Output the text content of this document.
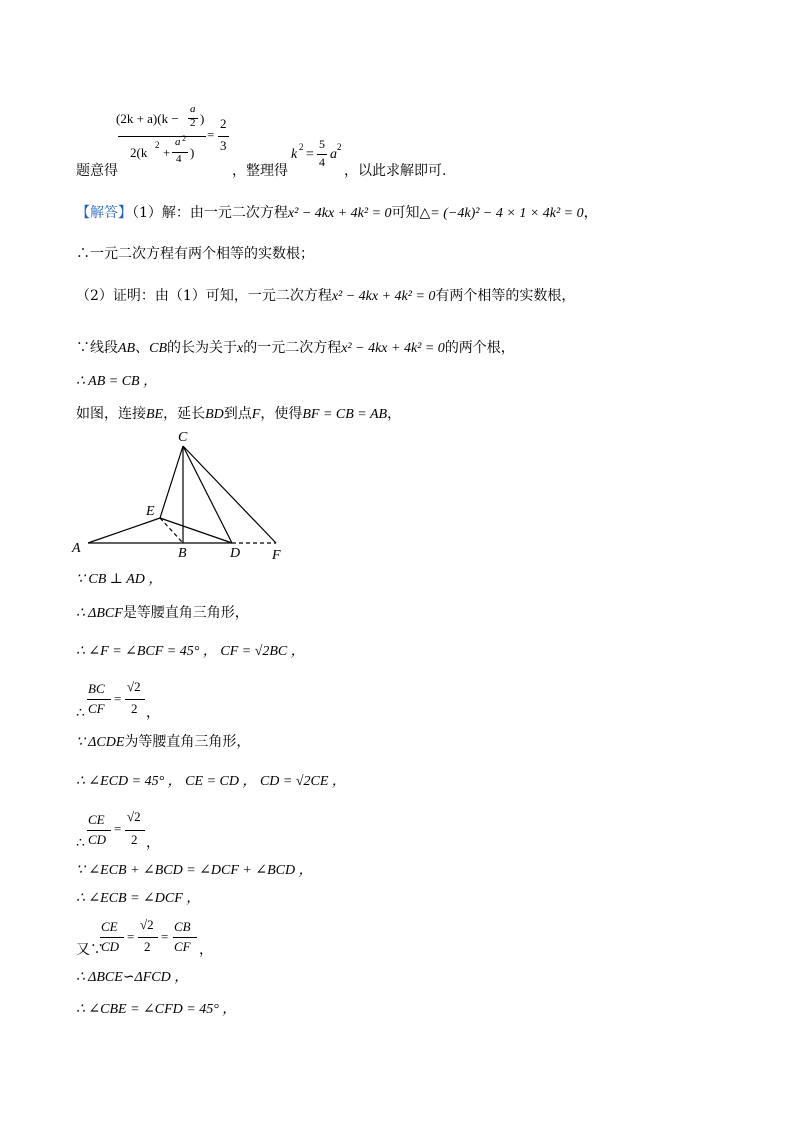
(2k + a)(k −
a
2 )
2(k 2 +
a 2
4 )
=
2
3
题意得	，整理得
k 2 =
5
4 a 2
，以此求解即可.
【解答】（1）解：由一元二次方程x² − 4kx + 4k² = 0可知△= (−4k)² − 4 × 1 × 4k² = 0，
∴一元二次方程有两个相等的实数根；
（2）证明：由（1）可知，一元二次方程x² − 4kx + 4k² = 0有两个相等的实数根，
∵线段AB、CB的长为关于x的一元二次方程x² − 4kx + 4k² = 0的两个根，
∴ AB = CB ，
如图，连接BE，延长BD到点F，使得BF = CB = AB，
C
E
A	B	D F
∵ CB ⊥ AD ，
∴ ΔBCF是等腰直角三角形，
∴ ∠F = ∠BCF = 45° ， CF = √2BC ，
∴
BC
CF
=
√2
2 ，
∵ ΔCDE为等腰直角三角形，
∴ ∠ECD = 45° ， CE = CD ， CD = √2CE ，
∴
CE
CD
=
√2
2 ，
∵ ∠ECB + ∠BCD = ∠DCF + ∠BCD ，
∴ ∠ECB = ∠DCF ，
又∵
CE
CD
=
√2
2
=
CB
CF ，
∴ ΔBCE∽ΔFCD ，
∴ ∠CBE = ∠CFD = 45° ，
